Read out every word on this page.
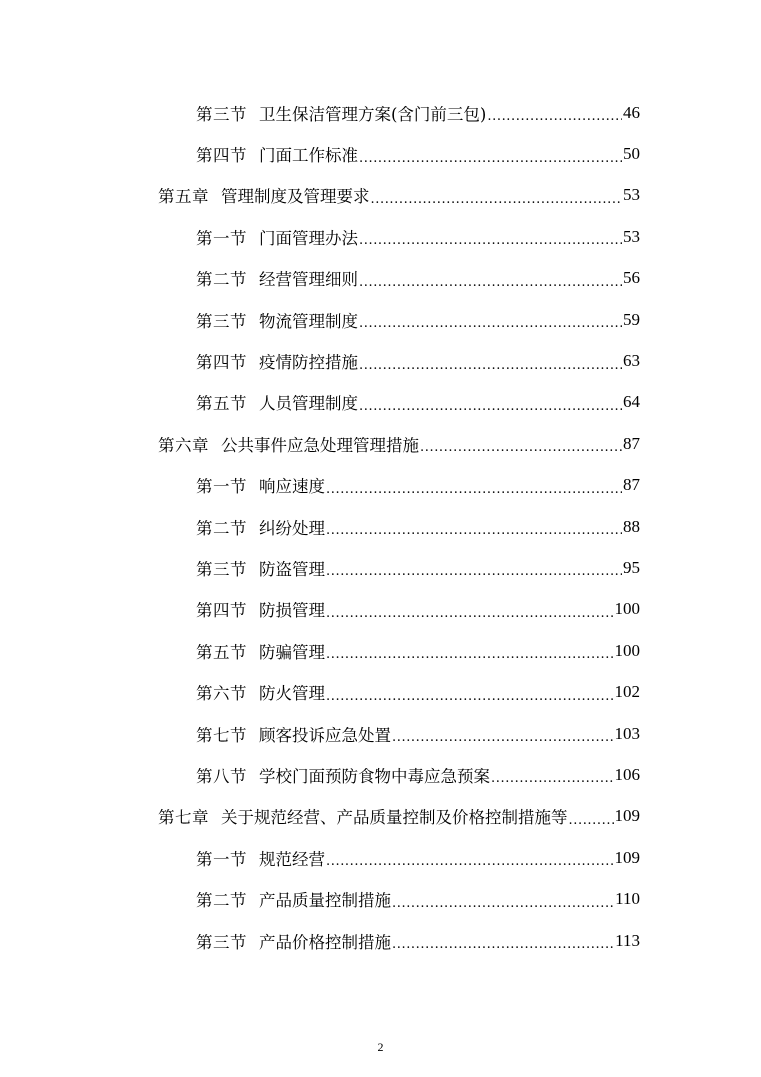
第三节 卫生保洁管理方案(含门前三包) .....	46
第四节 门面工作标准 .....	50
第五章 管理制度及管理要求 .....	53
第一节 门面管理办法 .....	53
第二节 经营管理细则 .....	56
第三节 物流管理制度 .....	59
第四节 疫情防控措施 .....	63
第五节 人员管理制度 .....	64
第六章 公共事件应急处理管理措施 .....	87
第一节 响应速度 .....	87
第二节 纠纷处理 .....	88
第三节 防盗管理 .....	95
第四节 防损管理 .....	100
第五节 防骗管理 .....	100
第六节 防火管理 .....	102
第七节 顾客投诉应急处置 .....	103
第八节 学校门面预防食物中毒应急预案 .....	106
第七章 关于规范经营、产品质量控制及价格控制措施等 .....	109
第一节 规范经营 .....	109
第二节 产品质量控制措施 .....	110
第三节 产品价格控制措施 .....	113
2
